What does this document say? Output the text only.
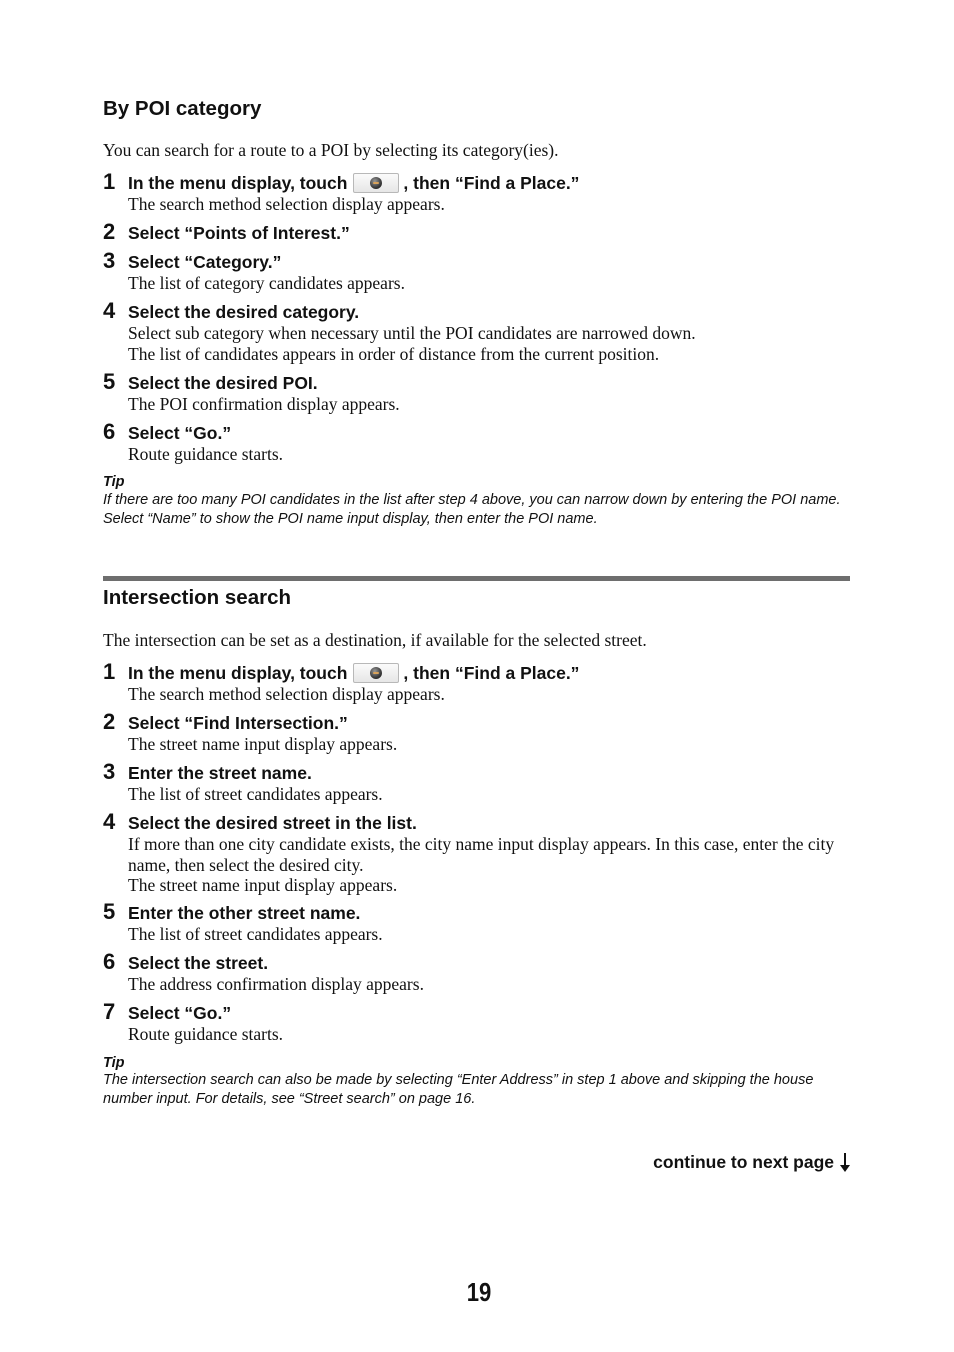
By POI category

You can search for a route to a POI by selecting its category(ies).

1 In the menu display, touch	, then “Find a Place.”
The search method selection display appears.
2 Select “Points of Interest.”
3 Select “Category.”
The list of category candidates appears.
4 Select the desired category.
Select sub category when necessary until the POI candidates are narrowed down.
The list of candidates appears in order of distance from the current position.
5 Select the desired POI.
The POI confirmation display appears.
6 Select “Go.”
Route guidance starts.
Tip

If there are too many POI candidates in the list after step 4 above, you can narrow down by entering the POI name. Select “Name” to show the POI name input display, then enter the POI name.

Intersection search

The intersection can be set as a destination, if available for the selected street.

1 In the menu display, touch	, then “Find a Place.”
The search method selection display appears.
2 Select “Find Intersection.”
The street name input display appears.
3 Enter the street name.
The list of street candidates appears.
4 Select the desired street in the list.
If more than one city candidate exists, the city name input display appears. In this case, enter the city name, then select the desired city.
The street name input display appears.
5 Enter the other street name.
The list of street candidates appears.
6 Select the street.
The address confirmation display appears.
7 Select “Go.”
Route guidance starts.
Tip

The intersection search can also be made by selecting “Enter Address” in step 1 above and skipping the house number input. For details, see “Street search” on page 16.

continue to next page
19
